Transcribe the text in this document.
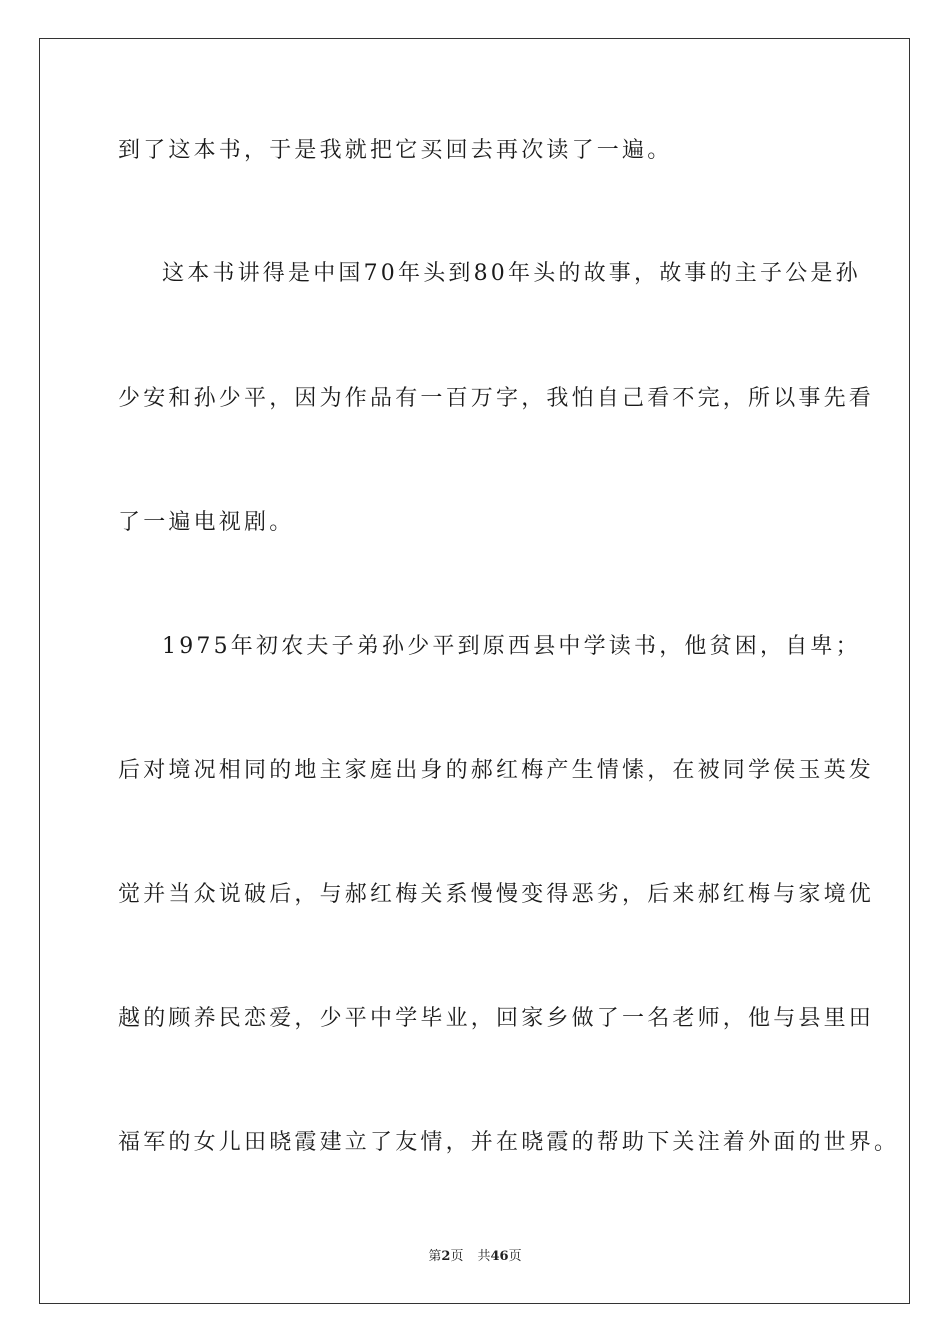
到了这本书，于是我就把它买回去再次读了一遍。
这本书讲得是中国70年头到80年头的故事，故事的主子公是孙
少安和孙少平，因为作品有一百万字，我怕自己看不完，所以事先看
了一遍电视剧。
1975年初农夫子弟孙少平到原西县中学读书，他贫困，自卑；
后对境况相同的地主家庭出身的郝红梅产生情愫，在被同学侯玉英发
觉并当众说破后，与郝红梅关系慢慢变得恶劣，后来郝红梅与家境优
越的顾养民恋爱，少平中学毕业，回家乡做了一名老师，他与县里田
福军的女儿田晓霞建立了友情，并在晓霞的帮助下关注着外面的世界。
第2页 共46页
